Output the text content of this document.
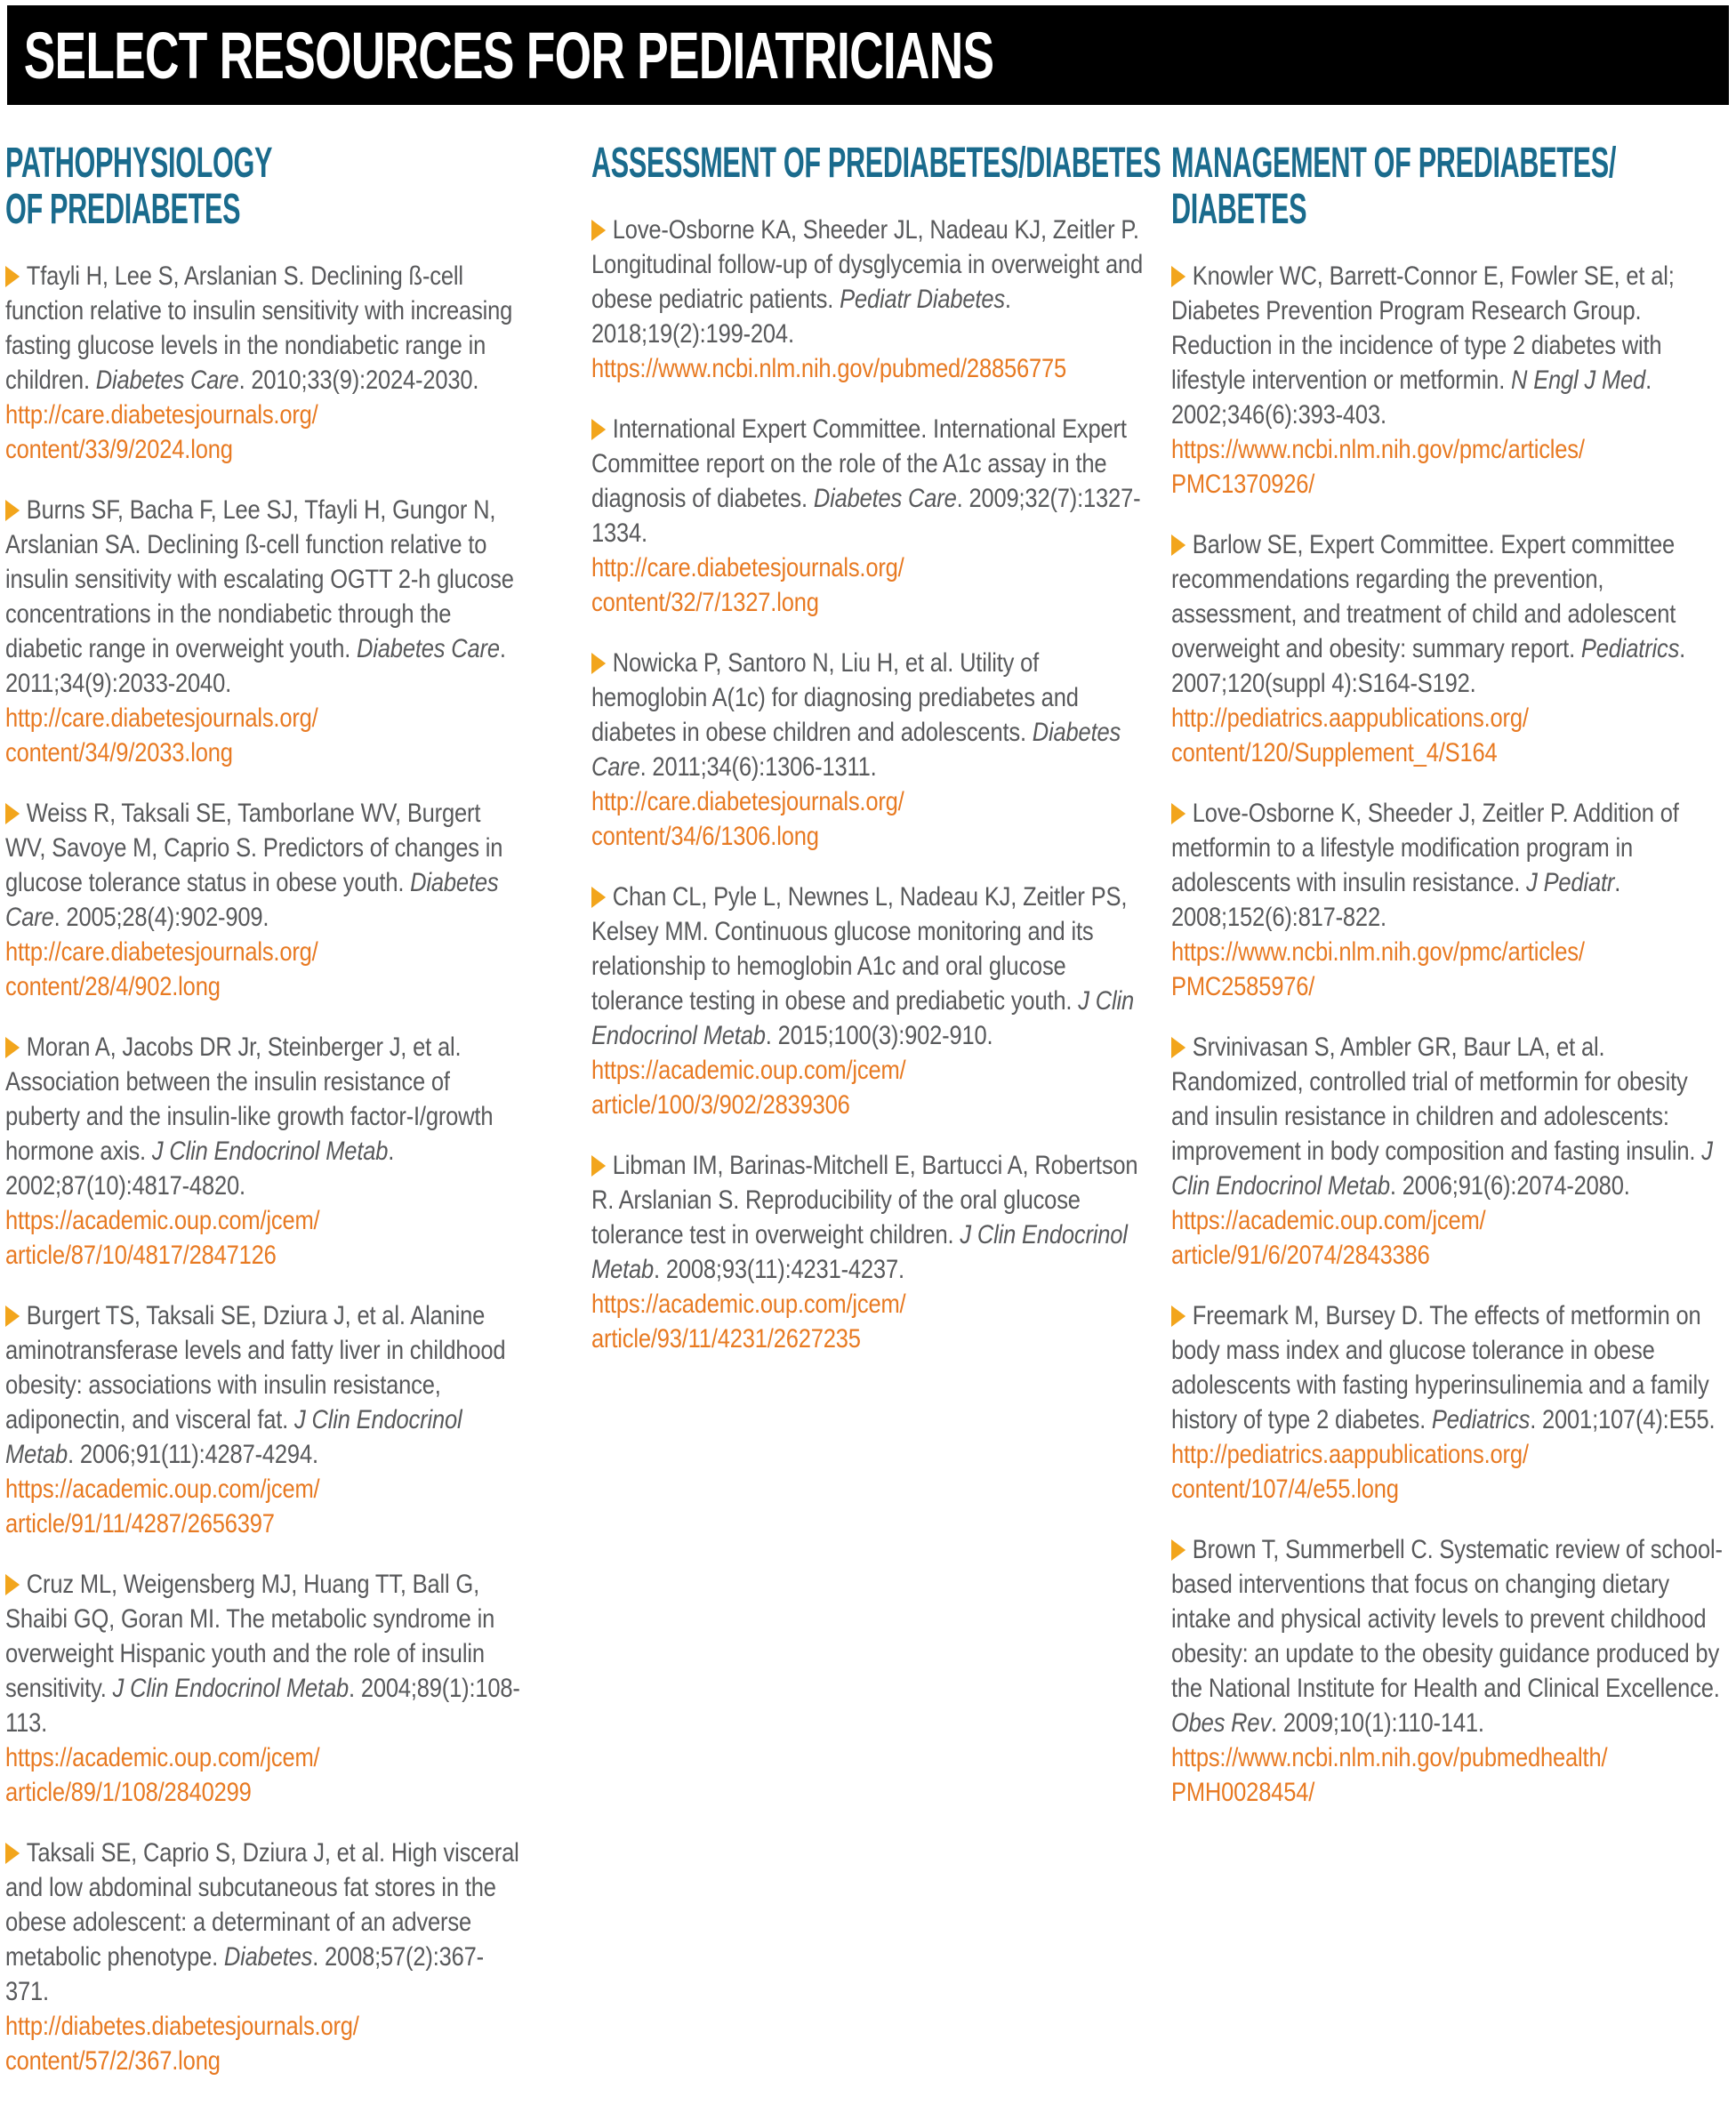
SELECT RESOURCES FOR PEDIATRICIANS
PATHOPHYSIOLOGY
OF PREDIABETES
Tfayli H, Lee S, Arslanian S. Declining ß-cell function relative to insulin sensitivity with increasing fasting glucose levels in the nondiabetic range in children. Diabetes Care. 2010;33(9):2024-2030.
http://care.diabetesjournals.org/
content/33/9/2024.long
Burns SF, Bacha F, Lee SJ, Tfayli H, Gungor N, Arslanian SA. Declining ß-cell function relative to insulin sensitivity with escalating OGTT 2-h glucose concentrations in the nondiabetic through the diabetic range in overweight youth. Diabetes Care. 2011;34(9):2033-2040.
http://care.diabetesjournals.org/
content/34/9/2033.long
Weiss R, Taksali SE, Tamborlane WV, Burgert WV, Savoye M, Caprio S. Predictors of changes in glucose tolerance status in obese youth. Diabetes Care. 2005;28(4):902-909.
http://care.diabetesjournals.org/
content/28/4/902.long
Moran A, Jacobs DR Jr, Steinberger J, et al. Association between the insulin resistance of puberty and the insulin-like growth factor-I/growth hormone axis. J Clin Endocrinol Metab. 2002;87(10):4817-4820.
https://academic.oup.com/jcem/
article/87/10/4817/2847126
Burgert TS, Taksali SE, Dziura J, et al. Alanine aminotransferase levels and fatty liver in childhood obesity: associations with insulin resistance, adiponectin, and visceral fat. J Clin Endocrinol Metab. 2006;91(11):4287-4294.
https://academic.oup.com/jcem/
article/91/11/4287/2656397
Cruz ML, Weigensberg MJ, Huang TT, Ball G, Shaibi GQ, Goran MI. The metabolic syndrome in overweight Hispanic youth and the role of insulin sensitivity. J Clin Endocrinol Metab. 2004;89(1):108-113.
https://academic.oup.com/jcem/
article/89/1/108/2840299
Taksali SE, Caprio S, Dziura J, et al. High visceral and low abdominal subcutaneous fat stores in the obese adolescent: a determinant of an adverse metabolic phenotype. Diabetes. 2008;57(2):367-371.
http://diabetes.diabetesjournals.org/
content/57/2/367.long
ASSESSMENT OF PREDIABETES/DIABETES
Love-Osborne KA, Sheeder JL, Nadeau KJ, Zeitler P. Longitudinal follow-up of dysglycemia in overweight and obese pediatric patients. Pediatr Diabetes. 2018;19(2):199-204.
https://www.ncbi.nlm.nih.gov/pubmed/28856775
International Expert Committee. International Expert Committee report on the role of the A1c assay in the diagnosis of diabetes. Diabetes Care. 2009;32(7):1327-1334.
http://care.diabetesjournals.org/
content/32/7/1327.long
Nowicka P, Santoro N, Liu H, et al. Utility of hemoglobin A(1c) for diagnosing prediabetes and diabetes in obese children and adolescents. Diabetes Care. 2011;34(6):1306-1311.
http://care.diabetesjournals.org/
content/34/6/1306.long
Chan CL, Pyle L, Newnes L, Nadeau KJ, Zeitler PS, Kelsey MM. Continuous glucose monitoring and its relationship to hemoglobin A1c and oral glucose tolerance testing in obese and prediabetic youth. J Clin Endocrinol Metab. 2015;100(3):902-910.
https://academic.oup.com/jcem/
article/100/3/902/2839306
Libman IM, Barinas-Mitchell E, Bartucci A, Robertson R. Arslanian S. Reproducibility of the oral glucose tolerance test in overweight children. J Clin Endocrinol Metab. 2008;93(11):4231-4237.
https://academic.oup.com/jcem/
article/93/11/4231/2627235
MANAGEMENT OF PREDIABETES/
DIABETES
Knowler WC, Barrett-Connor E, Fowler SE, et al; Diabetes Prevention Program Research Group. Reduction in the incidence of type 2 diabetes with lifestyle intervention or metformin. N Engl J Med. 2002;346(6):393-403.
https://www.ncbi.nlm.nih.gov/pmc/articles/
PMC1370926/
Barlow SE, Expert Committee. Expert committee recommendations regarding the prevention, assessment, and treatment of child and adolescent overweight and obesity: summary report. Pediatrics. 2007;120(suppl 4):S164-S192.
http://pediatrics.aappublications.org/
content/120/Supplement_4/S164
Love-Osborne K, Sheeder J, Zeitler P. Addition of metformin to a lifestyle modification program in adolescents with insulin resistance. J Pediatr. 2008;152(6):817-822.
https://www.ncbi.nlm.nih.gov/pmc/articles/
PMC2585976/
Srvinivasan S, Ambler GR, Baur LA, et al. Randomized, controlled trial of metformin for obesity and insulin resistance in children and adolescents: improvement in body composition and fasting insulin. J Clin Endocrinol Metab. 2006;91(6):2074-2080.
https://academic.oup.com/jcem/
article/91/6/2074/2843386
Freemark M, Bursey D. The effects of metformin on body mass index and glucose tolerance in obese adolescents with fasting hyperinsulinemia and a family history of type 2 diabetes. Pediatrics. 2001;107(4):E55.
http://pediatrics.aappublications.org/
content/107/4/e55.long
Brown T, Summerbell C. Systematic review of school-based interventions that focus on changing dietary intake and physical activity levels to prevent childhood obesity: an update to the obesity guidance produced by the National Institute for Health and Clinical Excellence. Obes Rev. 2009;10(1):110-141.
https://www.ncbi.nlm.nih.gov/pubmedhealth/
PMH0028454/
